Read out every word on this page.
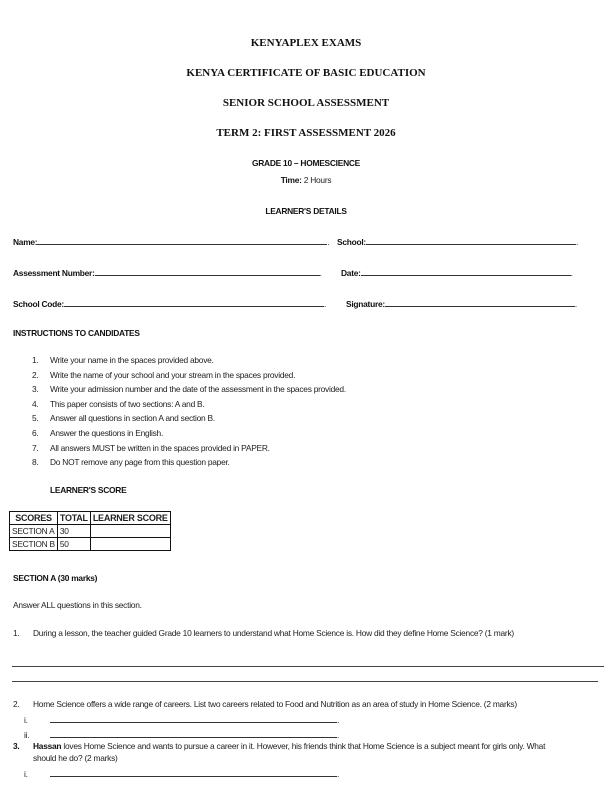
KENYAPLEX EXAMS
KENYA CERTIFICATE OF BASIC EDUCATION
SENIOR SCHOOL ASSESSMENT
TERM 2: FIRST ASSESSMENT 2026
GRADE 10 – HOMESCIENCE
Time: 2 Hours
LEARNER'S DETAILS
Name:	. School:	.
Assessment Number:	. Date:	.
School Code:	. Signature:	.
INSTRUCTIONS TO CANDIDATES
1. Write your name in the spaces provided above.
2. Write the name of your school and your stream in the spaces provided.
3. Write your admission number and the date of the assessment in the spaces provided.
4. This paper consists of two sections: A and B.
5. Answer all questions in section A and section B.
6. Answer the questions in English.
7. All answers MUST be written in the spaces provided in PAPER.
8. Do NOT remove any page from this question paper.
LEARNER'S SCORE
SCORES	TOTAL	LEARNER SCORE
SECTION A	30	
SECTION B	50	
SECTION A (30 marks)
Answer ALL questions in this section.
1. During a lesson, the teacher guided Grade 10 learners to understand what Home Science is. How did they define Home Science? (1 mark)
2. Home Science offers a wide range of careers. List two careers related to Food and Nutrition as an area of study in Home Science. (2 marks)
i.	.
ii.	.
3. Hassan loves Home Science and wants to pursue a career in it. However, his friends think that Home Science is a subject meant for girls only. What
should he do? (2 marks)
i.	.
